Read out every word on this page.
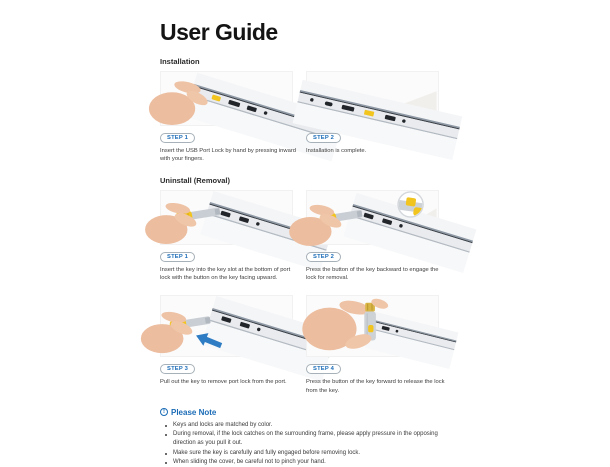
User Guide
Installation
STEP 1

Insert the USB Port Lock by hand by pressing inward with your fingers.

STEP 2

Installation is complete.

Uninstall (Removal)
STEP 1

Insert the key into the key slot at the bottom of port lock with the button on the key facing upward.

STEP 2

Press the button of the key backward to engage the lock for removal.

STEP 3

Pull out the key to remove port lock from the port.

STEP 4

Press the button of the key forward to release the lock from the key.

! Please Note
Keys and locks are matched by color.
During removal, if the lock catches on the surrounding frame, please apply pressure in the opposing direction as you pull it out.
Make sure the key is carefully and fully engaged before removing lock.
When sliding the cover, be careful not to pinch your hand.
